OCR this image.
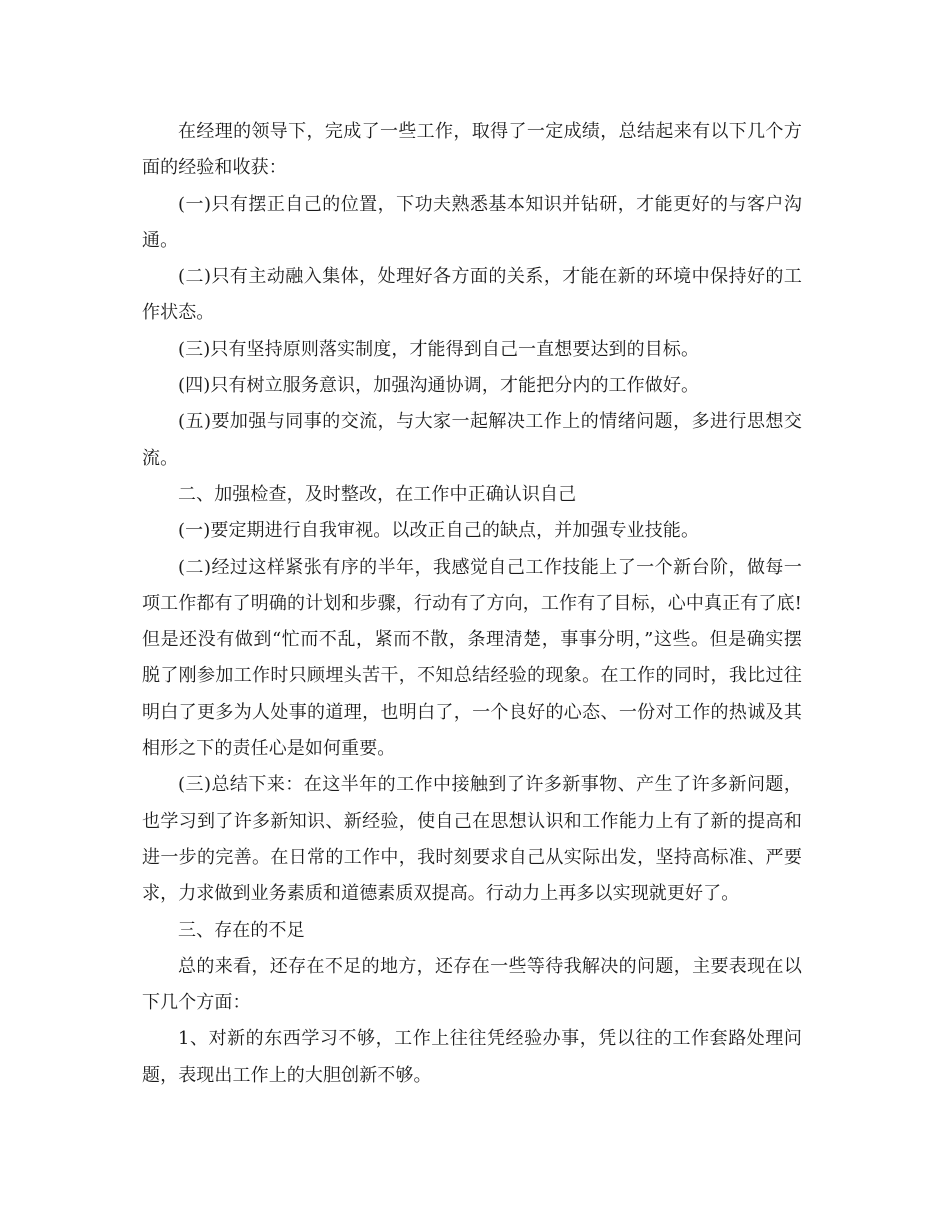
在经理的领导下，完成了一些工作，取得了一定成绩，总结起来有以下几个方面的经验和收获：

(一)只有摆正自己的位置，下功夫熟悉基本知识并钻研，才能更好的与客户沟通。

(二)只有主动融入集体，处理好各方面的关系，才能在新的环境中保持好的工作状态。

(三)只有坚持原则落实制度，才能得到自己一直想要达到的目标。

(四)只有树立服务意识，加强沟通协调，才能把分内的工作做好。

(五)要加强与同事的交流，与大家一起解决工作上的情绪问题，多进行思想交流。

二、加强检查，及时整改，在工作中正确认识自己

(一)要定期进行自我审视。以改正自己的缺点，并加强专业技能。

(二)经过这样紧张有序的半年，我感觉自己工作技能上了一个新台阶，做每一项工作都有了明确的计划和步骤，行动有了方向，工作有了目标，心中真正有了底!但是还没有做到“忙而不乱，紧而不散，条理清楚，事事分明，”这些。但是确实摆脱了刚参加工作时只顾埋头苦干，不知总结经验的现象。在工作的同时，我比过往明白了更多为人处事的道理，也明白了，一个良好的心态、一份对工作的热诚及其相形之下的责任心是如何重要。

(三)总结下来：在这半年的工作中接触到了许多新事物、产生了许多新问题，也学习到了许多新知识、新经验，使自己在思想认识和工作能力上有了新的提高和进一步的完善。在日常的工作中，我时刻要求自己从实际出发，坚持高标准、严要求，力求做到业务素质和道德素质双提高。行动力上再多以实现就更好了。

三、存在的不足

总的来看，还存在不足的地方，还存在一些等待我解决的问题，主要表现在以下几个方面：

1、对新的东西学习不够，工作上往往凭经验办事，凭以往的工作套路处理问题，表现出工作上的大胆创新不够。
